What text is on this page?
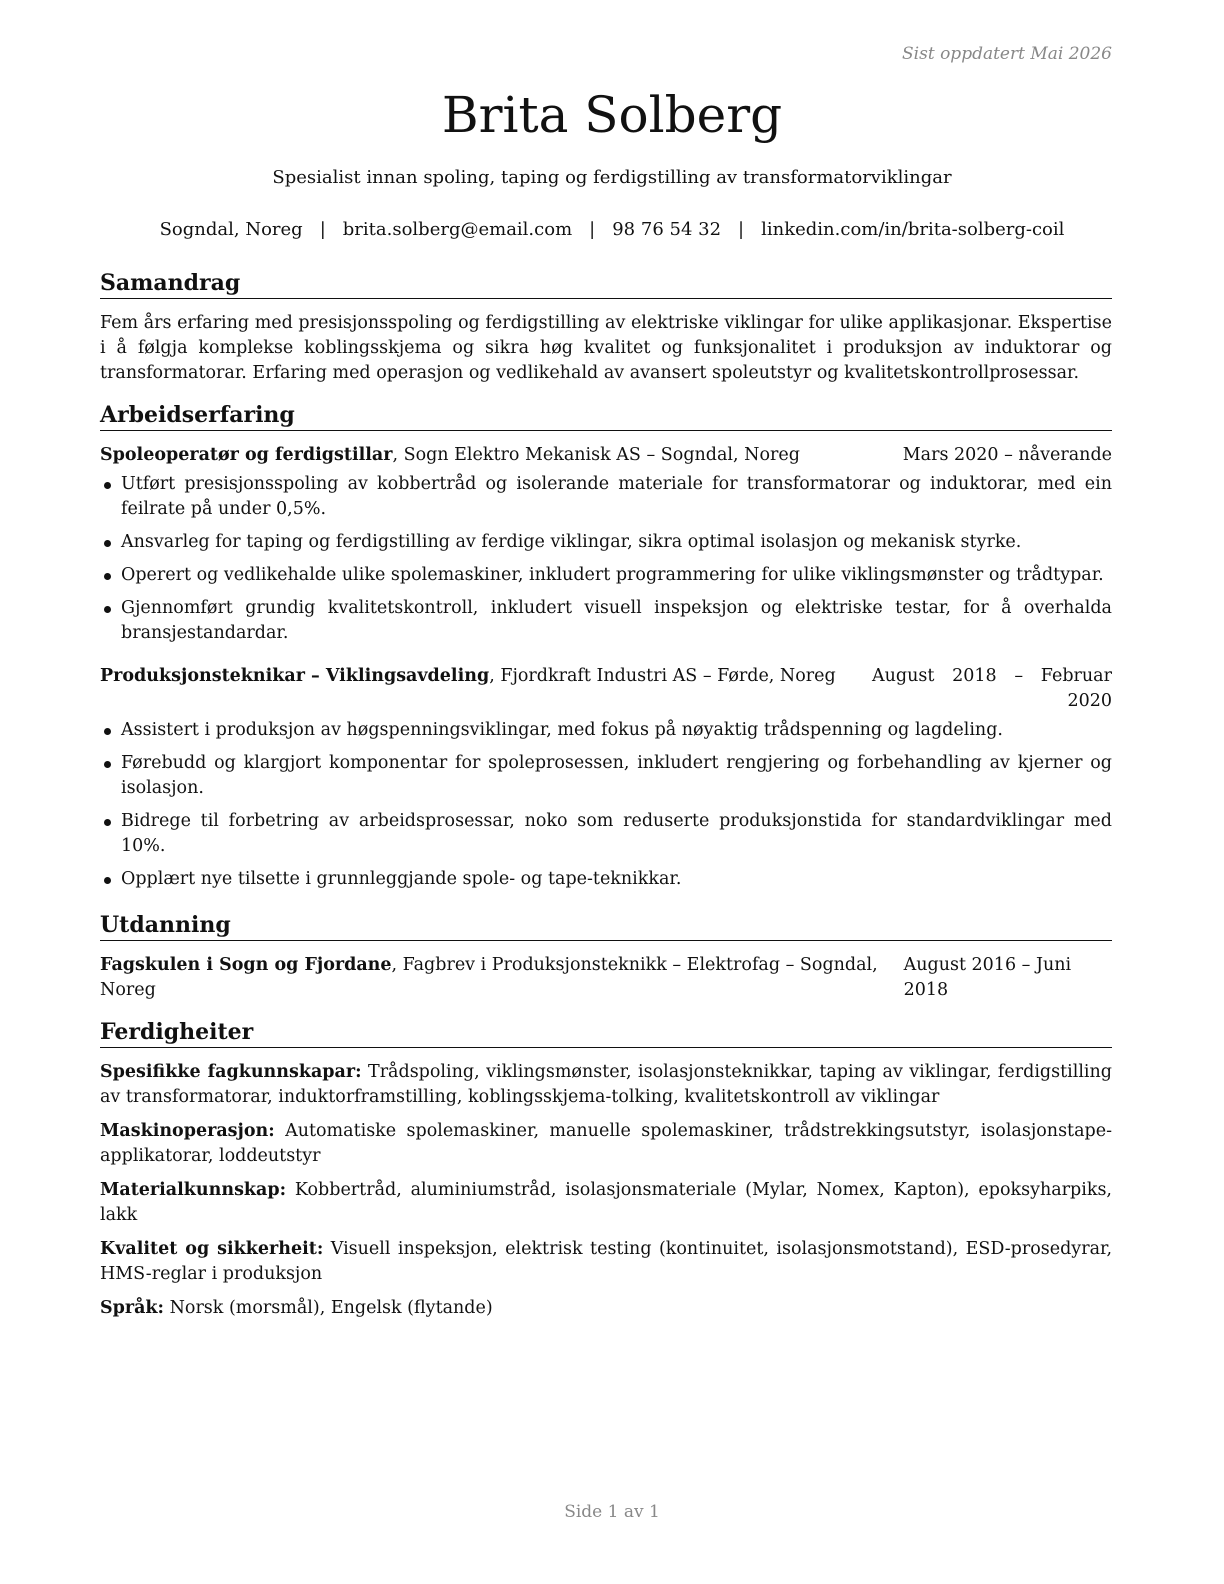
Sist oppdatert Mai 2026
Brita Solberg
Spesialist innan spoling, taping og ferdigstilling av transformatorviklingar
Sogndal, Noreg | brita.solberg@email.com | 98 76 54 32 | linkedin.com/in/brita-solberg-coil
Samandrag

Fem års erfaring med presisjonsspoling og ferdigstilling av elektriske viklingar for ulike applikasjonar. Ekspertise i å følgja komplekse koblingsskjema og sikra høg kvalitet og funksjonalitet i produksjon av induktorar og transformatorar. Erfaring med operasjon og vedlikehald av avansert spoleutstyr og kvalitetskontrollprosessar.

Arbeidserfaring
Spoleoperatør og ferdigstillar, Sogn Elektro Mekanisk AS – Sogndal, Noreg	Mars 2020 – nåverande
Utført presisjonsspoling av kobbertråd og isolerande materiale for transformatorar og induktorar, med ein feilrate på under 0,5%.
Ansvarleg for taping og ferdigstilling av ferdige viklingar, sikra optimal isolasjon og mekanisk styrke.
Operert og vedlikehalde ulike spolemaskiner, inkludert programmering for ulike viklingsmønster og trådtypar.
Gjennomført grundig kvalitetskontroll, inkludert visuell inspeksjon og elektriske testar, for å overhalda bransjestandardar.
Produksjonsteknikar – Viklingsavdeling, Fjordkraft Industri AS – Førde, Noreg	August 2018 – Februar 2020
Assistert i produksjon av høgspenningsviklingar, med fokus på nøyaktig trådspenning og lagdeling.
Førebudd og klargjort komponentar for spoleprosessen, inkludert rengjering og forbehandling av kjerner og isolasjon.
Bidrege til forbetring av arbeidsprosessar, noko som reduserte produksjonstida for standardviklingar med 10%.
Opplært nye tilsette i grunnleggjande spole- og tape-teknikkar.
Utdanning
Fagskulen i Sogn og Fjordane, Fagbrev i Produksjonsteknikk – Elektrofag – Sogndal, Noreg
August 2016 – Juni 2018
Ferdigheiter

Spesifikke fagkunnskapar: Trådspoling, viklingsmønster, isolasjonsteknikkar, taping av viklingar, ferdigstilling av transformatorar, induktorframstilling, koblingsskjema-tolking, kvalitetskontroll av viklingar

Maskinoperasjon: Automatiske spolemaskiner, manuelle spolemaskiner, trådstrekkingsutstyr, isolasjonstape-applikatorar, loddeutstyr

Materialkunnskap: Kobbertråd, aluminiumstråd, isolasjonsmateriale (Mylar, Nomex, Kapton), epoksyharpiks, lakk

Kvalitet og sikkerheit: Visuell inspeksjon, elektrisk testing (kontinuitet, isolasjonsmotstand), ESD-prosedyrar, HMS-reglar i produksjon

Språk: Norsk (morsmål), Engelsk (flytande)

Side 1 av 1
